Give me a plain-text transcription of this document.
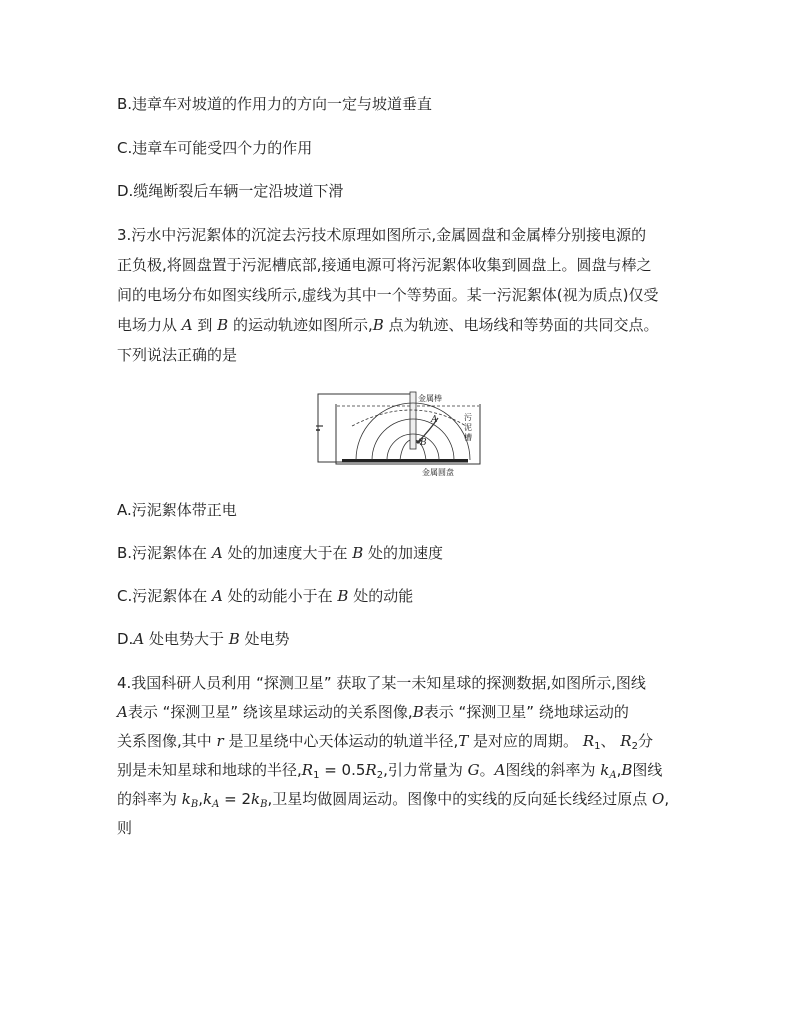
B.违章车对坡道的作用力的方向一定与坡道垂直
C.违章车可能受四个力的作用
D.缆绳断裂后车辆一定沿坡道下滑
3.污水中污泥絮体的沉淀去污技术原理如图所示,金属圆盘和金属棒分别接电源的
正负极,将圆盘置于污泥槽底部,接通电源可将污泥絮体收集到圆盘上。圆盘与棒之
间的电场分布如图实线所示,虚线为其中一个等势面。某一污泥絮体(视为质点)仅受
电场力从 A 到 B 的运动轨迹如图所示,B 点为轨迹、电场线和等势面的共同交点。
下列说法正确的是
金属棒
A
B
污
泥
槽
金属圆盘
A.污泥絮体带正电
B.污泥絮体在 A 处的加速度大于在 B 处的加速度
C.污泥絮体在 A 处的动能小于在 B 处的动能
D.A 处电势大于 B 处电势
4.我国科研人员利用 “探测卫星” 获取了某一未知星球的探测数据,如图所示,图线
A表示 “探测卫星” 绕该星球运动的关系图像,B表示 “探测卫星” 绕地球运动的
关系图像,其中 r 是卫星绕中心天体运动的轨道半径,T 是对应的周期。 $R_1$、 $R_2$分
别是未知星球和地球的半径$,R_1 = 0.5R_2$,引力常量为 G。A图线的斜率为 $k_A,B$图线
的斜率为 $k_B,k_A = 2k_B$,卫星均做圆周运动。图像中的实线的反向延长线经过原点 O,
则
